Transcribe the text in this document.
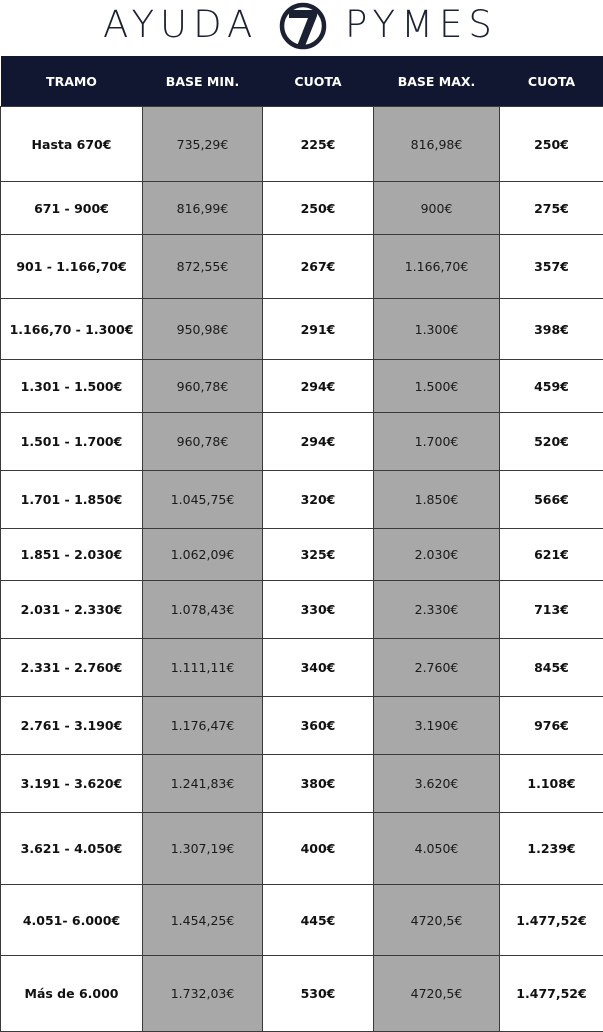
AYUDA PYMES
TRAMO	BASE MIN.	CUOTA	BASE MAX.	CUOTA
Hasta 670€	735,29€	225€	816,98€	250€
671 - 900€	816,99€	250€	900€	275€
901 - 1.166,70€	872,55€	267€	1.166,70€	357€
1.166,70 - 1.300€	950,98€	291€	1.300€	398€
1.301 - 1.500€	960,78€	294€	1.500€	459€
1.501 - 1.700€	960,78€	294€	1.700€	520€
1.701 - 1.850€	1.045,75€	320€	1.850€	566€
1.851 - 2.030€	1.062,09€	325€	2.030€	621€
2.031 - 2.330€	1.078,43€	330€	2.330€	713€
2.331 - 2.760€	1.111,11€	340€	2.760€	845€
2.761 - 3.190€	1.176,47€	360€	3.190€	976€
3.191 - 3.620€	1.241,83€	380€	3.620€	1.108€
3.621 - 4.050€	1.307,19€	400€	4.050€	1.239€
4.051- 6.000€	1.454,25€	445€	4720,5€	1.477,52€
Más de 6.000	1.732,03€	530€	4720,5€	1.477,52€
